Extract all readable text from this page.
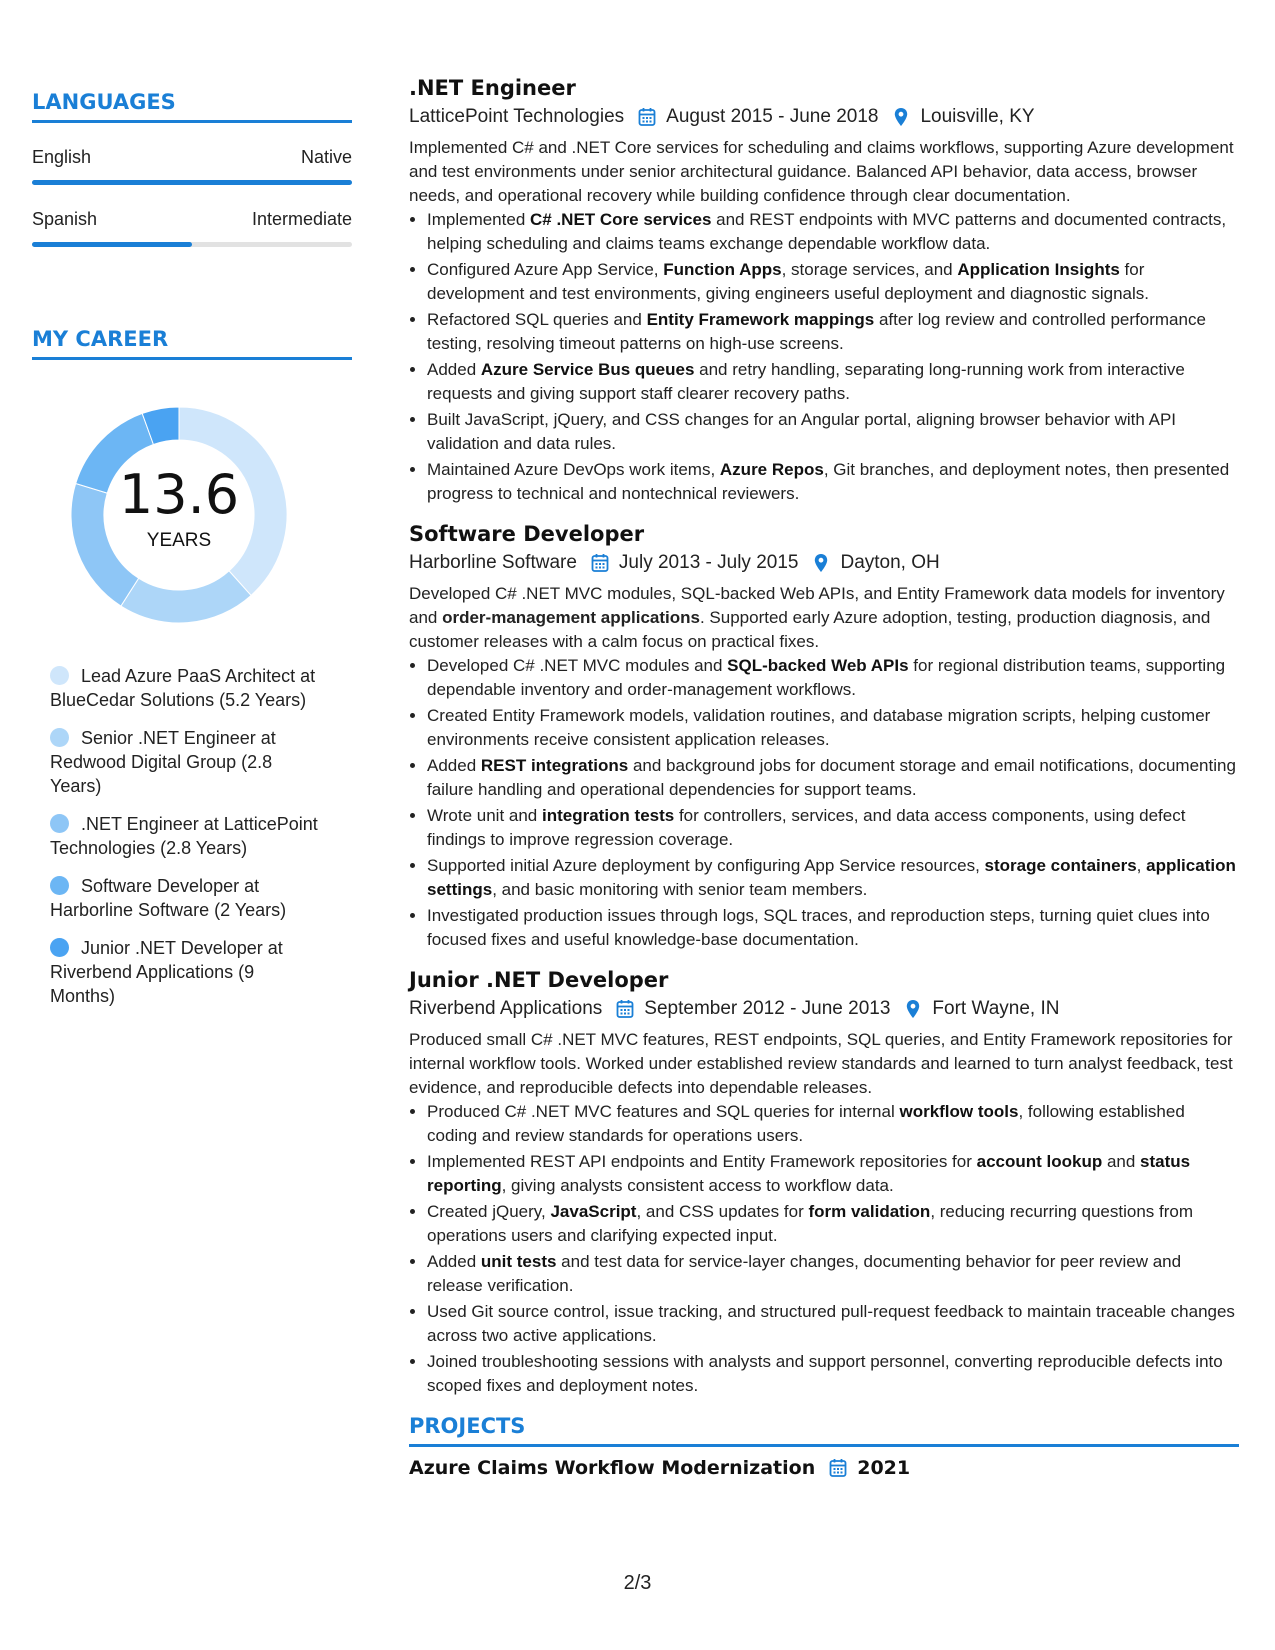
LANGUAGES
English	Native
Spanish	Intermediate
MY CAREER
13.6
YEARS
Lead Azure PaaS Architect at BlueCedar Solutions (5.2 Years)
Senior .NET Engineer at Redwood Digital Group (2.8 Years)
.NET Engineer at LatticePoint Technologies (2.8 Years)
Software Developer at Harborline Software (2 Years)
Junior .NET Developer at Riverbend Applications (9 Months)
.NET Engineer
LatticePoint Technologies August 2015 - June 2018 Louisville, KY

Implemented C# and .NET Core services for scheduling and claims workflows, supporting Azure development and test environments under senior architectural guidance. Balanced API behavior, data access, browser needs, and operational recovery while building confidence through clear documentation.

• Implemented C# .NET Core services and REST endpoints with MVC patterns and documented contracts, helping scheduling and claims teams exchange dependable workflow data.
• Configured Azure App Service, Function Apps, storage services, and Application Insights for development and test environments, giving engineers useful deployment and diagnostic signals.
• Refactored SQL queries and Entity Framework mappings after log review and controlled performance testing, resolving timeout patterns on high-use screens.
• Added Azure Service Bus queues and retry handling, separating long-running work from interactive requests and giving support staff clearer recovery paths.
• Built JavaScript, jQuery, and CSS changes for an Angular portal, aligning browser behavior with API validation and data rules.
• Maintained Azure DevOps work items, Azure Repos, Git branches, and deployment notes, then presented progress to technical and nontechnical reviewers.
Software Developer
Harborline Software July 2013 - July 2015 Dayton, OH

Developed C# .NET MVC modules, SQL-backed Web APIs, and Entity Framework data models for inventory and order-management applications. Supported early Azure adoption, testing, production diagnosis, and customer releases with a calm focus on practical fixes.

• Developed C# .NET MVC modules and SQL-backed Web APIs for regional distribution teams, supporting dependable inventory and order-management workflows.
• Created Entity Framework models, validation routines, and database migration scripts, helping customer environments receive consistent application releases.
• Added REST integrations and background jobs for document storage and email notifications, documenting failure handling and operational dependencies for support teams.
• Wrote unit and integration tests for controllers, services, and data access components, using defect findings to improve regression coverage.
• Supported initial Azure deployment by configuring App Service resources, storage containers, application settings, and basic monitoring with senior team members.
• Investigated production issues through logs, SQL traces, and reproduction steps, turning quiet clues into focused fixes and useful knowledge-base documentation.
Junior .NET Developer
Riverbend Applications September 2012 - June 2013 Fort Wayne, IN

Produced small C# .NET MVC features, REST endpoints, SQL queries, and Entity Framework repositories for internal workflow tools. Worked under established review standards and learned to turn analyst feedback, test evidence, and reproducible defects into dependable releases.

• Produced C# .NET MVC features and SQL queries for internal workflow tools, following established coding and review standards for operations users.
• Implemented REST API endpoints and Entity Framework repositories for account lookup and status reporting, giving analysts consistent access to workflow data.
• Created jQuery, JavaScript, and CSS updates for form validation, reducing recurring questions from operations users and clarifying expected input.
• Added unit tests and test data for service-layer changes, documenting behavior for peer review and release verification.
• Used Git source control, issue tracking, and structured pull-request feedback to maintain traceable changes across two active applications.
• Joined troubleshooting sessions with analysts and support personnel, converting reproducible defects into scoped fixes and deployment notes.
PROJECTS
Azure Claims Workflow Modernization 2021
2/3
